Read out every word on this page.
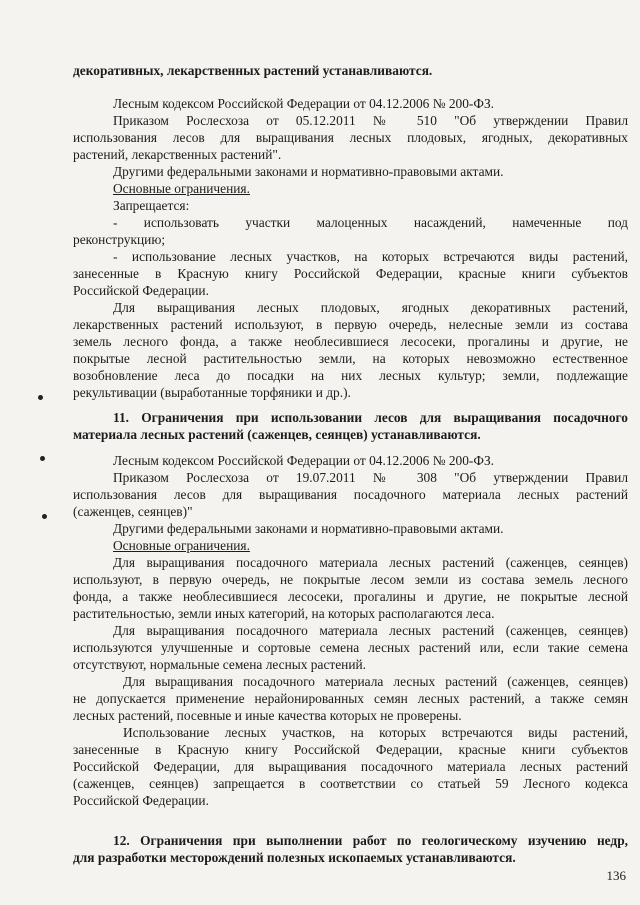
декоративных, лекарственных растений устанавливаются.
Лесным кодексом Российской Федерации от 04.12.2006 № 200-ФЗ.
Приказом Рослесхоза от 05.12.2011 № 510 "Об утверждении Правил
использования лесов для выращивания лесных плодовых, ягодных, декоративных
растений, лекарственных растений".
Другими федеральными законами и нормативно-правовыми актами.
Основные ограничения.
Запрещается:
- использовать участки малоценных насаждений, намеченные под
реконструкцию;
- использование лесных участков, на которых встречаются виды растений,
занесенные в Красную книгу Российской Федерации, красные книги субъектов
Российской Федерации.
Для выращивания лесных плодовых, ягодных декоративных растений,
лекарственных растений используют, в первую очередь, нелесные земли из состава
земель лесного фонда, а также необлесившиеся лесосеки, прогалины и другие, не
покрытые лесной растительностью земли, на которых невозможно естественное
возобновление леса до посадки на них лесных культур; земли, подлежащие
рекультивации (выработанные торфяники и др.).
11. Ограничения при использовании лесов для выращивания посадочного
материала лесных растений (саженцев, сеянцев) устанавливаются.
Лесным кодексом Российской Федерации от 04.12.2006 № 200-ФЗ.
Приказом Рослесхоза от 19.07.2011 № 308 "Об утверждении Правил
использования лесов для выращивания посадочного материала лесных растений
(саженцев, сеянцев)"
Другими федеральными законами и нормативно-правовыми актами.
Основные ограничения.
Для выращивания посадочного материала лесных растений (саженцев, сеянцев)
используют, в первую очередь, не покрытые лесом земли из состава земель лесного
фонда, а также необлесившиеся лесосеки, прогалины и другие, не покрытые лесной
растительностью, земли иных категорий, на которых располагаются леса.
Для выращивания посадочного материала лесных растений (саженцев, сеянцев)
используются улучшенные и сортовые семена лесных растений или, если такие семена
отсутствуют, нормальные семена лесных растений.
Для выращивания посадочного материала лесных растений (саженцев, сеянцев)
не допускается применение нерайонированных семян лесных растений, а также семян
лесных растений, посевные и иные качества которых не проверены.
Использование лесных участков, на которых встречаются виды растений,
занесенные в Красную книгу Российской Федерации, красные книги субъектов
Российской Федерации, для выращивания посадочного материала лесных растений
(саженцев, сеянцев) запрещается в соответствии со статьей 59 Лесного кодекса
Российской Федерации.
12. Ограничения при выполнении работ по геологическому изучению недр,
для разработки месторождений полезных ископаемых устанавливаются.
136
